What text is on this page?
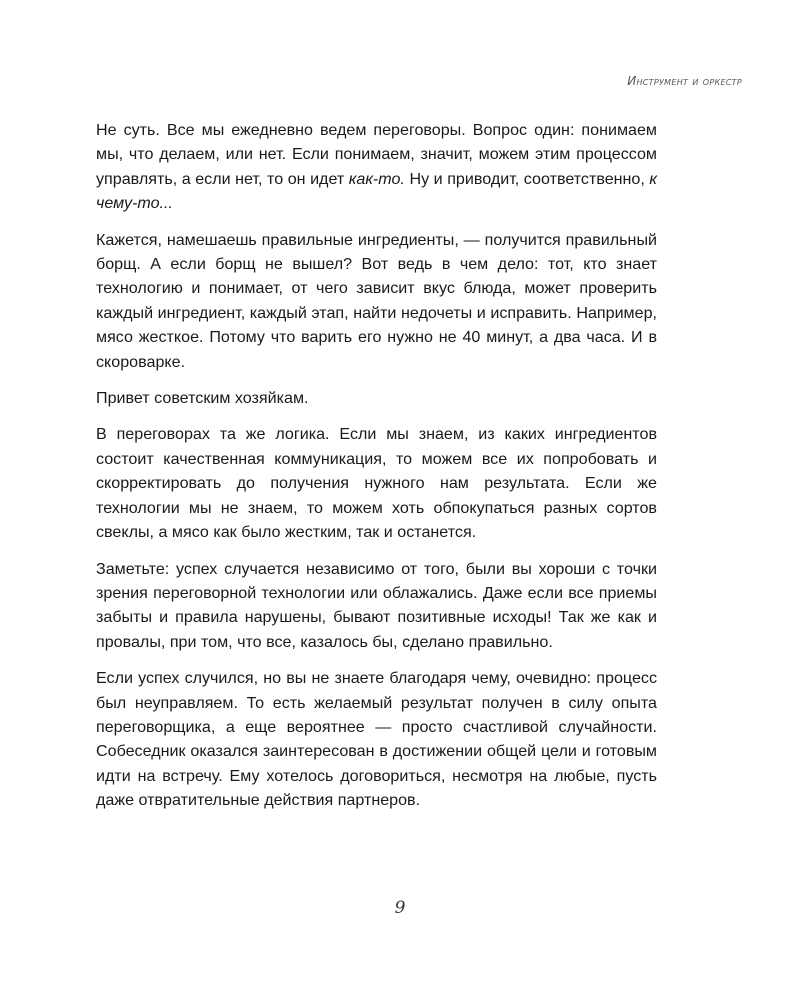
Инструмент и оркестр

Не суть. Все мы ежедневно ведем переговоры. Вопрос один: понимаем мы, что делаем, или нет. Если понимаем, значит, можем этим процессом управлять, а если нет, то он идет как-то. Ну и приводит, соответственно, к чему-то...

Кажется, намешаешь правильные ингредиенты, — получится правильный борщ. А если борщ не вышел? Вот ведь в чем дело: тот, кто знает технологию и понимает, от чего зависит вкус блюда, может проверить каждый ингредиент, каждый этап, найти недочеты и исправить. Например, мясо жесткое. Потому что варить его нужно не 40 минут, а два часа. И в скороварке.

Привет советским хозяйкам.

В переговорах та же логика. Если мы знаем, из каких ингредиентов состоит качественная коммуникация, то можем все их попробовать и скорректировать до получения нужного нам результата. Если же технологии мы не знаем, то можем хоть обпокупаться разных сортов свеклы, а мясо как было жестким, так и останется.

Заметьте: успех случается независимо от того, были вы хороши с точки зрения переговорной технологии или облажались. Даже если все приемы забыты и правила нарушены, бывают позитивные исходы! Так же как и провалы, при том, что все, казалось бы, сделано правильно.

Если успех случился, но вы не знаете благодаря чему, очевидно: процесс был неуправляем. То есть желаемый результат получен в силу опыта переговорщика, а еще вероятнее — просто счастливой случайности. Собеседник оказался заинтересован в достижении общей цели и готовым идти на встречу. Ему хотелось договориться, несмотря на любые, пусть даже отвратительные действия партнеров.

9
